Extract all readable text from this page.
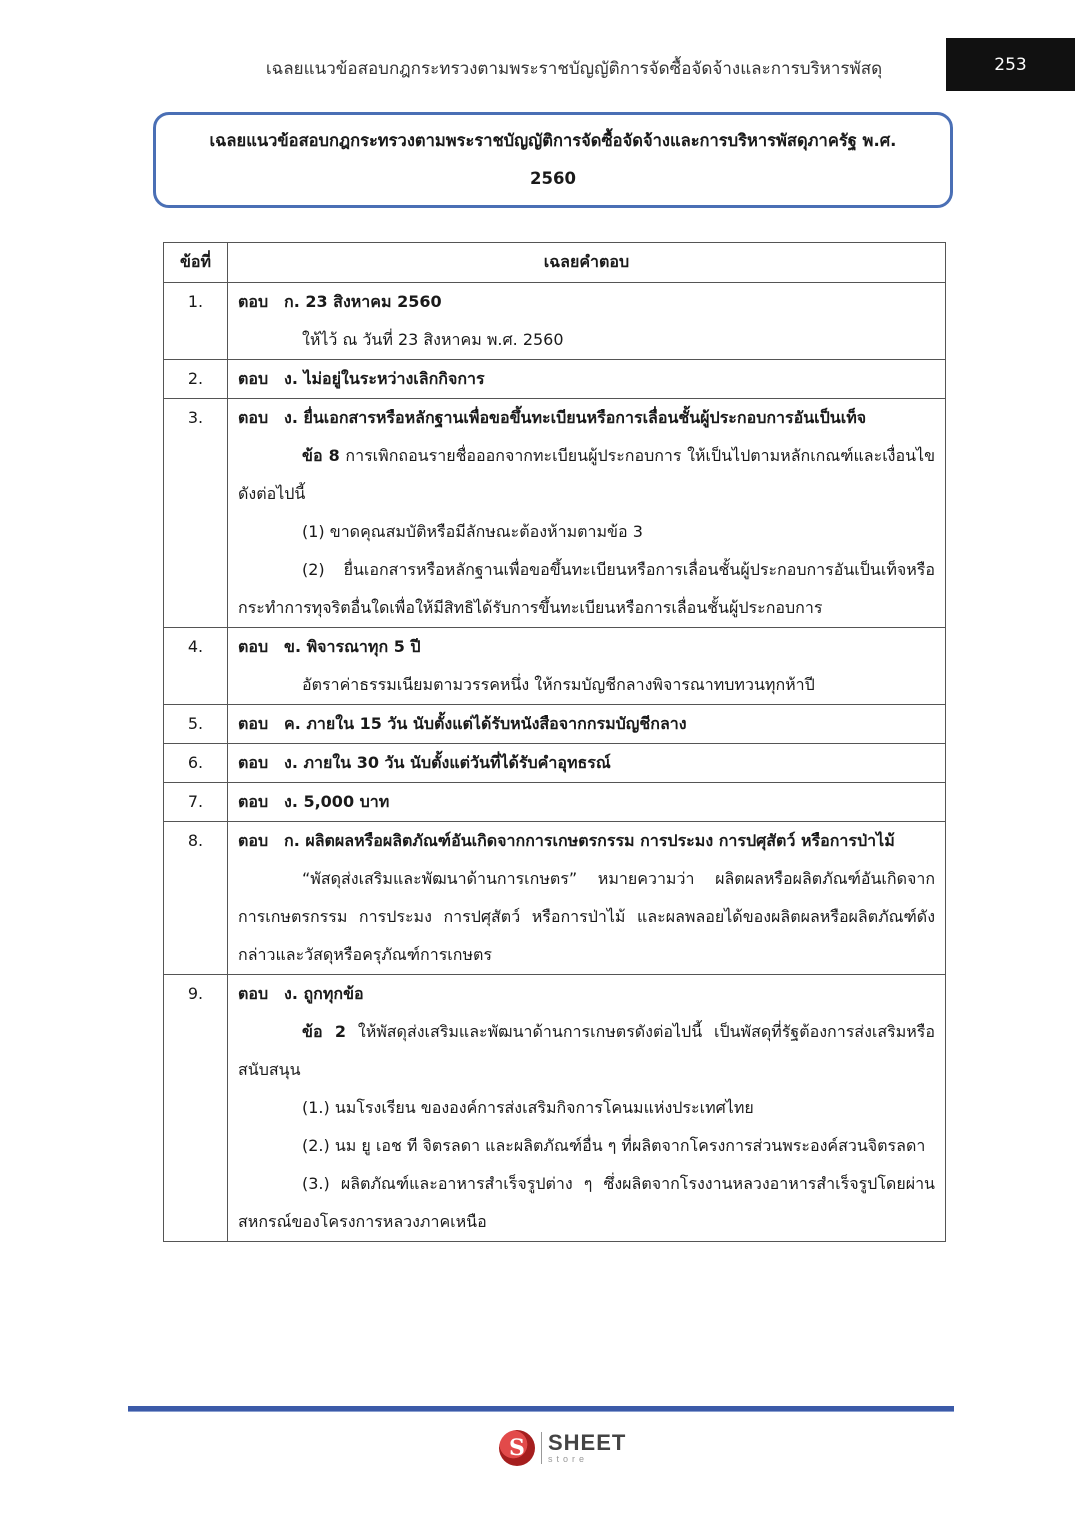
เฉลยแนวข้อสอบกฎกระทรวงตามพระราชบัญญัติการจัดซื้อจัดจ้างและการบริหารพัสดุ	253
เฉลยแนวข้อสอบกฎกระทรวงตามพระราชบัญญัติการจัดซื้อจัดจ้างและการบริหารพัสดุภาครัฐ พ.ศ.
2560
ข้อที่	เฉลยคำตอบ
1.	ตอบ ก. 23 สิงหาคม 2560

ให้ไว้ ณ วันที่ 23 สิงหาคม พ.ศ. 2560

2.	ตอบ ง. ไม่อยู่ในระหว่างเลิกกิจการ

3.	ตอบ ง. ยื่นเอกสารหรือหลักฐานเพื่อขอขึ้นทะเบียนหรือการเลื่อนชั้นผู้ประกอบการอันเป็นเท็จ

ข้อ 8 การเพิกถอนรายชื่อออกจากทะเบียนผู้ประกอบการ ให้เป็นไปตามหลักเกณฑ์และเงื่อนไข ดังต่อไปนี้

(1) ขาดคุณสมบัติหรือมีลักษณะต้องห้ามตามข้อ 3

(2) ยื่นเอกสารหรือหลักฐานเพื่อขอขึ้นทะเบียนหรือการเลื่อนชั้นผู้ประกอบการอันเป็นเท็จหรือกระทำการทุจริตอื่นใดเพื่อให้มีสิทธิได้รับการขึ้นทะเบียนหรือการเลื่อนชั้นผู้ประกอบการ

4.	ตอบ ข. พิจารณาทุก 5 ปี

อัตราค่าธรรมเนียมตามวรรคหนึ่ง ให้กรมบัญชีกลางพิจารณาทบทวนทุกห้าปี

5.	ตอบ ค. ภายใน 15 วัน นับตั้งแต่ได้รับหนังสือจากกรมบัญชีกลาง

6.	ตอบ ง. ภายใน 30 วัน นับตั้งแต่วันที่ได้รับคำอุทธรณ์

7.	ตอบ ง. 5,000 บาท

8.	ตอบ ก. ผลิตผลหรือผลิตภัณฑ์อันเกิดจากการเกษตรกรรม การประมง การปศุสัตว์ หรือการป่าไม้

“พัสดุส่งเสริมและพัฒนาด้านการเกษตร” หมายความว่า ผลิตผลหรือผลิตภัณฑ์อันเกิดจากการเกษตรกรรม การประมง การปศุสัตว์ หรือการป่าไม้ และผลพลอยได้ของผลิตผลหรือผลิตภัณฑ์ดังกล่าวและวัสดุหรือครุภัณฑ์การเกษตร

9.	ตอบ ง. ถูกทุกข้อ

ข้อ 2 ให้พัสดุส่งเสริมและพัฒนาด้านการเกษตรดังต่อไปนี้ เป็นพัสดุที่รัฐต้องการส่งเสริมหรือสนับสนุน

(1.) นมโรงเรียน ขององค์การส่งเสริมกิจการโคนมแห่งประเทศไทย

(2.) นม ยู เอช ที จิตรลดา และผลิตภัณฑ์อื่น ๆ ที่ผลิตจากโครงการส่วนพระองค์สวนจิตรลดา

(3.) ผลิตภัณฑ์และอาหารสำเร็จรูปต่าง ๆ ซึ่งผลิตจากโรงงานหลวงอาหารสำเร็จรูปโดยผ่านสหกรณ์ของโครงการหลวงภาคเหนือ

S	SHEET
store
